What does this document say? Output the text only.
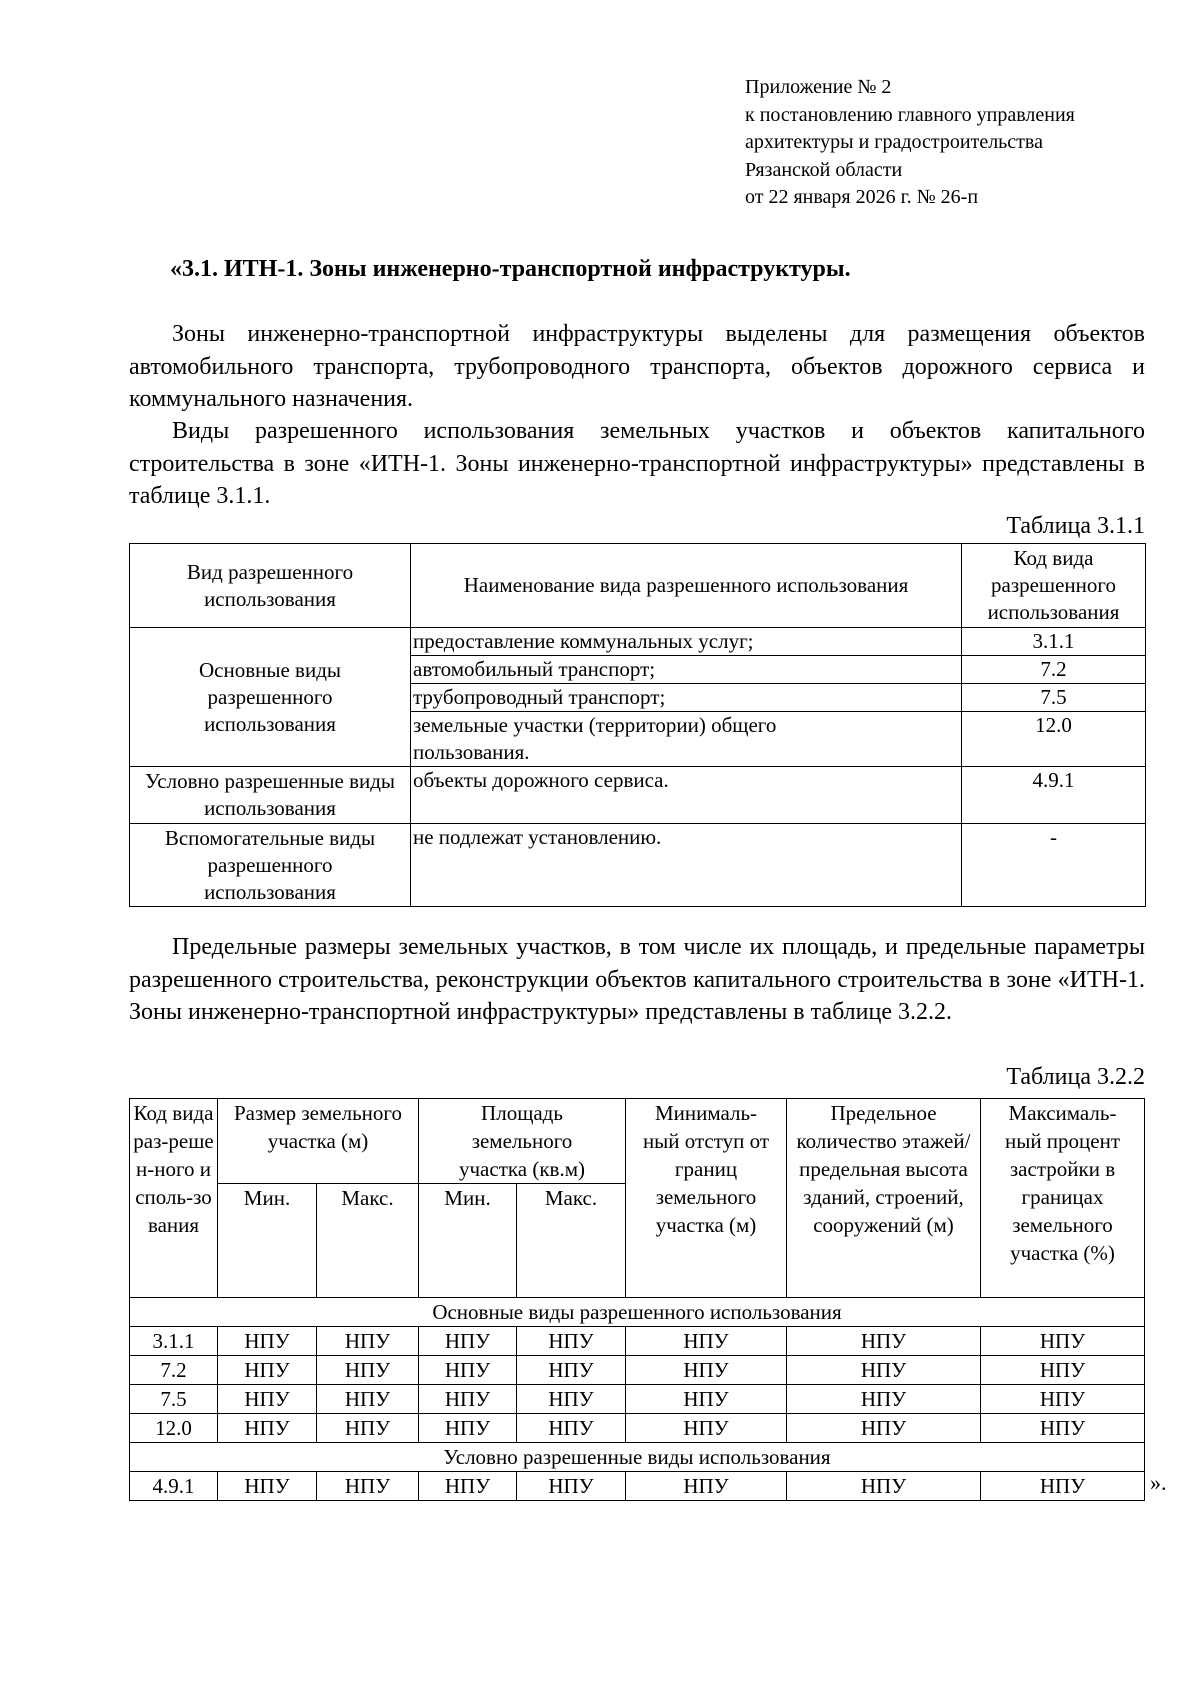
Приложение № 2
к постановлению главного управления
архитектуры и градостроительства
Рязанской области
от 22 января 2026 г. № 26-п
«3.1. ИТН-1. Зоны инженерно-транспортной инфраструктуры.

Зоны инженерно-транспортной инфраструктуры выделены для размещения объектов автомобильного транспорта, трубопроводного транспорта, объектов дорожного сервиса и коммунального назначения.

Виды разрешенного использования земельных участков и объектов капитального строительства в зоне «ИТН-1. Зоны инженерно-транспортной инфраструктуры» представлены в таблице 3.1.1.

Таблица 3.1.1
Вид разрешенного использования	Наименование вида разрешенного использования	Код вида разрешенного использования
Основные виды разрешенного использования	предоставление коммунальных услуг;	3.1.1
	автомобильный транспорт;	7.2
	трубопроводный транспорт;	7.5
	земельные участки (территории) общего пользования.	12.0
Условно разрешенные виды использования	объекты дорожного сервиса.	4.9.1
Вспомогательные виды разрешенного использования	не подлежат установлению.	-

Предельные размеры земельных участков, в том числе их площадь, и предельные параметры разрешенного строительства, реконструкции объектов капитального строительства в зоне «ИТН-1. Зоны инженерно-транспортной инфраструктуры» представлены в таблице 3.2.2.

Таблица 3.2.2
Код вида раз-решен-ного исполь-зования	Размер земельного участка (м)		Площадь земельного участка (кв.м)		Минималь-ный отступ от границ земельного участка (м)	Предельное количество этажей/ предельная высота зданий, строений, сооружений (м)	Максималь-ный процент застройки в границах земельного участка (%)
	Мин.	Макс.	Мин.	Макс.			
Основные виды разрешенного использования							
3.1.1	НПУ	НПУ	НПУ	НПУ	НПУ	НПУ	НПУ
7.2	НПУ	НПУ	НПУ	НПУ	НПУ	НПУ	НПУ
7.5	НПУ	НПУ	НПУ	НПУ	НПУ	НПУ	НПУ
12.0	НПУ	НПУ	НПУ	НПУ	НПУ	НПУ	НПУ
Условно разрешенные виды использования							
4.9.1	НПУ	НПУ	НПУ	НПУ	НПУ	НПУ	НПУ	».
